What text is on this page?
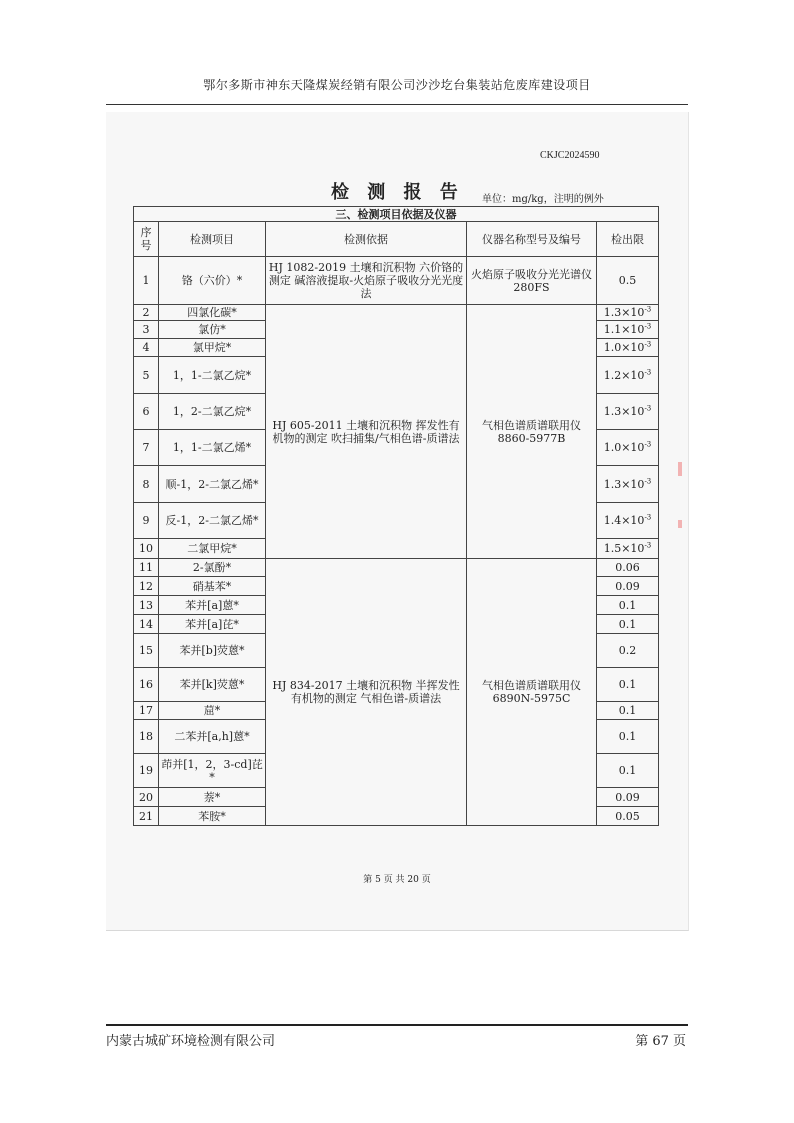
鄂尔多斯市神东天隆煤炭经销有限公司沙沙圪台集装站危废库建设项目
CKJC2024590
检 测 报 告 单位：mg/kg，注明的例外
三、检测项目依据及仪器				
序号	检测项目	检测依据	仪器名称型号及编号	检出限
1	铬（六价）*	HJ 1082-2019 土壤和沉积物 六价铬的测定 碱溶液提取-火焰原子吸收分光光度法	火焰原子吸收分光光谱仪 280FS	0.5
2	四氯化碳*	HJ 605-2011 土壤和沉积物 挥发性有机物的测定 吹扫捕集/气相色谱-质谱法	气相色谱质谱联用仪 8860-5977B	$1.3\times 10^{-3}$
3	氯仿*			$1.1\times 10^{-3}$
4	氯甲烷*			$1.0\times 10^{-3}$
5	1，1-二氯乙烷*			$1.2\times 10^{-3}$
6	1，2-二氯乙烷*			$1.3\times 10^{-3}$
7	1，1-二氯乙烯*			$1.0\times 10^{-3}$
8	顺-1，2-二氯乙烯*			$1.3\times 10^{-3}$
9	反-1，2-二氯乙烯*			$1.4\times 10^{-3}$
10	二氯甲烷*			$1.5\times 10^{-3}$
11	2-氯酚*	HJ 834-2017 土壤和沉积物 半挥发性有机物的测定 气相色谱-质谱法	气相色谱质谱联用仪 6890N-5975C	0.06
12	硝基苯*			0.09
13	苯并[a]蒽*			0.1
14	苯并[a]芘*			0.1
15	苯并[b]荧蒽*			0.2
16	苯并[k]荧蒽*			0.1
17	䓛*			0.1
18	二苯并[a,h]蒽*			0.1
19	茚并[1，2，3-cd]芘*			0.1
20	萘*			0.09
21	苯胺*			0.05
第 5 页 共 20 页
内蒙古城矿环境检测有限公司	第 67 页
